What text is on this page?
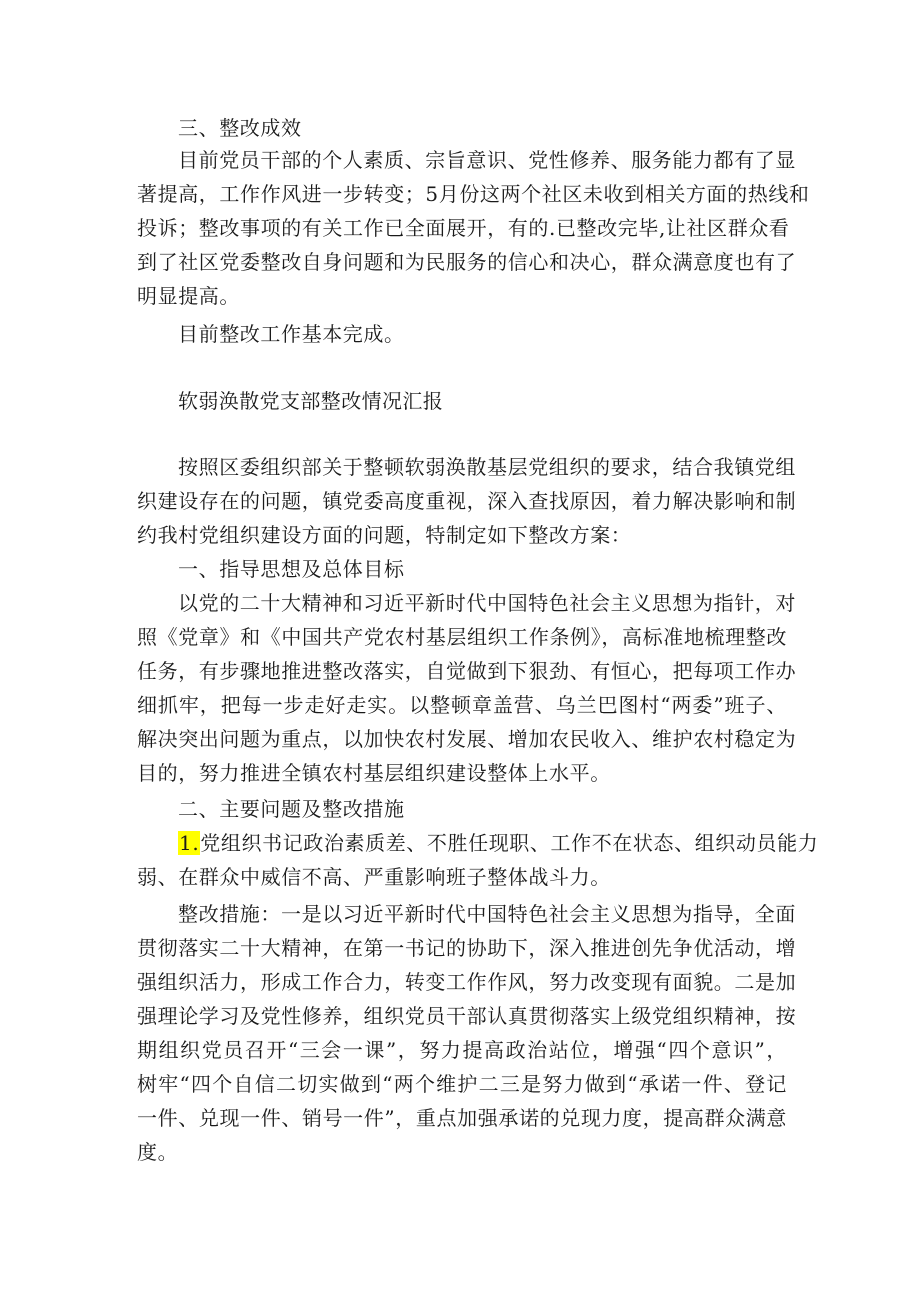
三、整改成效
目前党员干部的个人素质、宗旨意识、党性修养、服务能力都有了显
著提高，工作作风进一步转变；5月份这两个社区未收到相关方面的热线和
投诉；整改事项的有关工作已全面展开，有的.已整改完毕,让社区群众看
到了社区党委整改自身问题和为民服务的信心和决心，群众满意度也有了
明显提高。
目前整改工作基本完成。
软弱涣散党支部整改情况汇报
按照区委组织部关于整顿软弱涣散基层党组织的要求，结合我镇党组
织建设存在的问题，镇党委高度重视，深入查找原因，着力解决影响和制
约我村党组织建设方面的问题，特制定如下整改方案：
一、指导思想及总体目标
以党的二十大精神和习近平新时代中国特色社会主义思想为指针，对
照《党章》和《中国共产党农村基层组织工作条例》，高标准地梳理整改
任务，有步骤地推进整改落实，自觉做到下狠劲、有恒心，把每项工作办
细抓牢，把每一步走好走实。以整顿章盖营、乌兰巴图村“两委”班子、
解决突出问题为重点，以加快农村发展、增加农民收入、维护农村稳定为
目的，努力推进全镇农村基层组织建设整体上水平。
二、主要问题及整改措施
1.党组织书记政治素质差、不胜任现职、工作不在状态、组织动员能力
弱、在群众中威信不高、严重影响班子整体战斗力。
整改措施：一是以习近平新时代中国特色社会主义思想为指导，全面
贯彻落实二十大精神，在第一书记的协助下，深入推进创先争优活动，增
强组织活力，形成工作合力，转变工作作风，努力改变现有面貌。二是加
强理论学习及党性修养，组织党员干部认真贯彻落实上级党组织精神，按
期组织党员召开“三会一课”，努力提高政治站位，增强“四个意识”，
树牢“四个自信二切实做到“两个维护二三是努力做到“承诺一件、登记
一件、兑现一件、销号一件”，重点加强承诺的兑现力度，提高群众满意
度。
